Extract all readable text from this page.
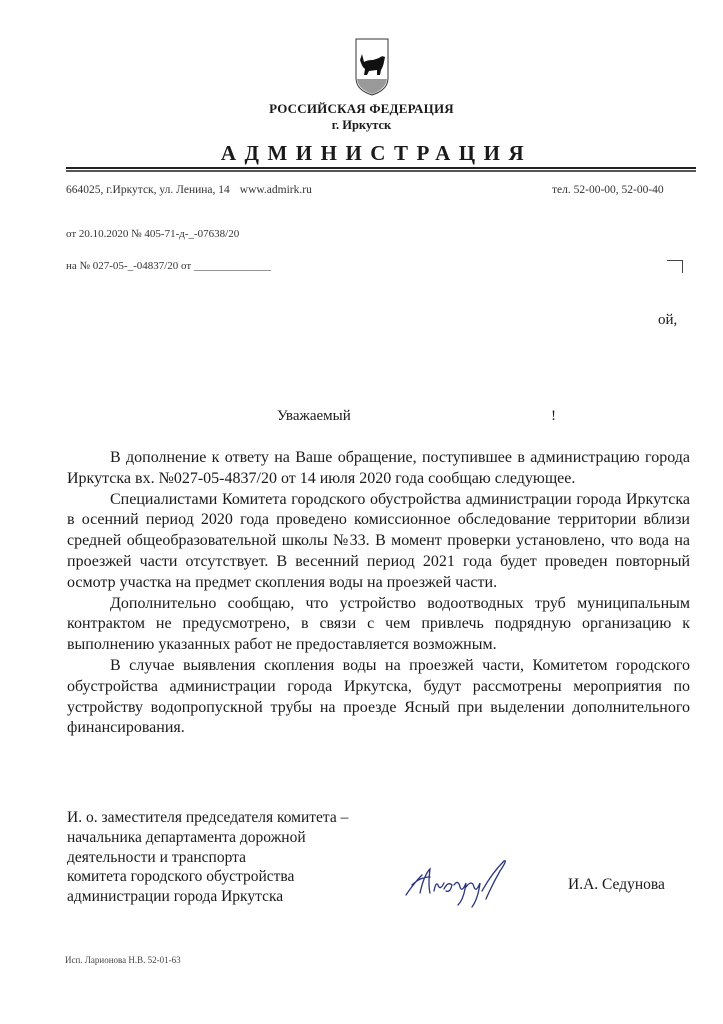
РОССИЙСКАЯ ФЕДЕРАЦИЯ
г. Иркутск
АДМИНИСТРАЦИЯ
664025, г.Иркутск, ул. Ленина, 14 www.admirk.ru	тел. 52-00-00, 52-00-40
от 20.10.2020 № 405-71-д-_-07638/20
на № 027-05-_-04837/20 от ______________
ой,
Уважаемый	!

В дополнение к ответу на Ваше обращение, поступившее в администрацию города Иркутска вх. №027-05-4837/20 от 14 июля 2020 года сообщаю следующее.

Специалистами Комитета городского обустройства администрации города Иркутска в осенний период 2020 года проведено комиссионное обследование территории вблизи средней общеобразовательной школы №33. В момент проверки установлено, что вода на проезжей части отсутствует. В весенний период 2021 года будет проведен повторный осмотр участка на предмет скопления воды на проезжей части.

Дополнительно сообщаю, что устройство водоотводных труб муниципальным контрактом не предусмотрено, в связи с чем привлечь подрядную организацию к выполнению указанных работ не предоставляется возможным.

В случае выявления скопления воды на проезжей части, Комитетом городского обустройства администрации города Иркутска, будут рассмотрены мероприятия по устройству водопропускной трубы на проезде Ясный при выделении дополнительного финансирования.

И. о. заместителя председателя комитета –
начальника департамента дорожной
деятельности и транспорта
комитета городского обустройства
администрации города Иркутска
И.А. Седунова
Исп. Ларионова Н.В. 52-01-63
